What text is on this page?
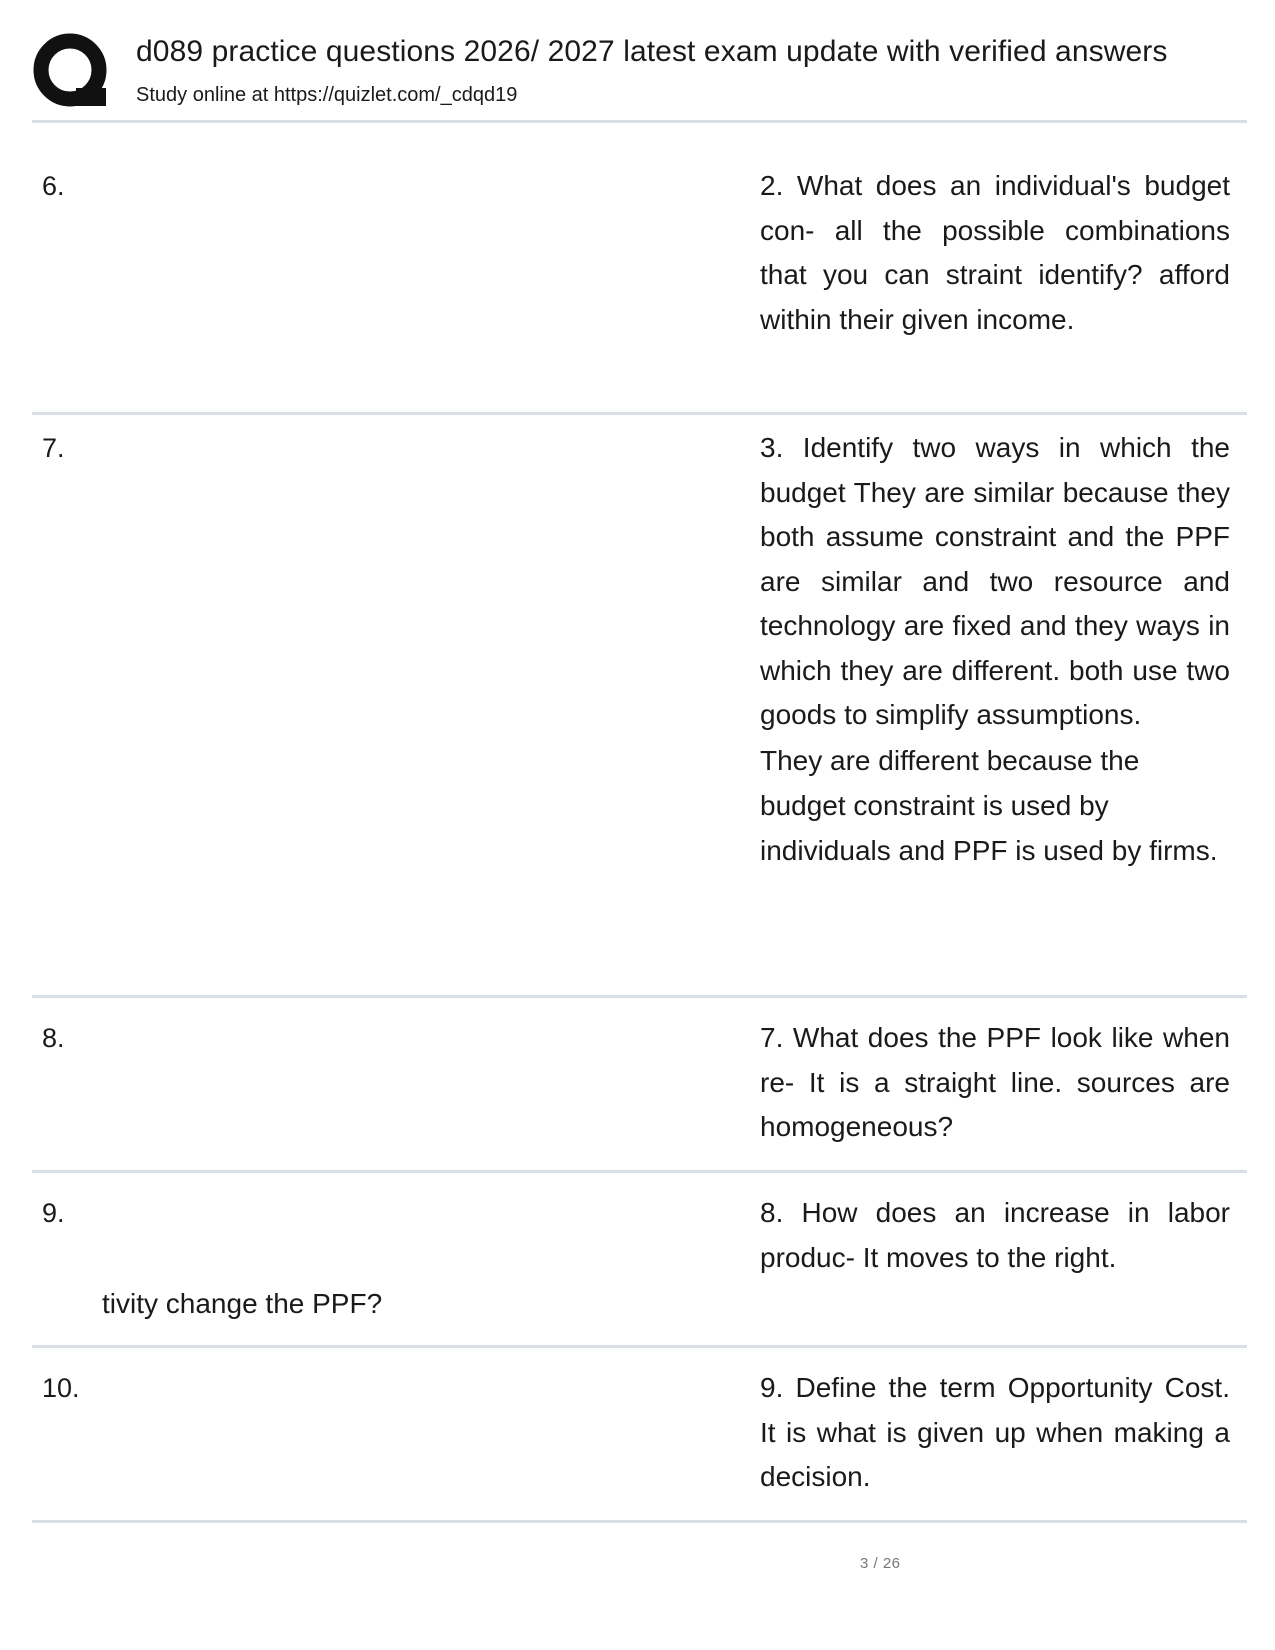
d089 practice questions 2026/ 2027 latest exam update with verified answers
Study online at https://quizlet.com/_cdqd19
6.	2. What does an individual's budget con- all the possible combinations that you can straint identify? afford within their given income.
7.	3. Identify two ways in which the budget They are similar because they both assume constraint and the PPF are similar and two resource and technology are fixed and they ways in which they are different. both use two goods to simplify assumptions.
They are different because the budget constraint is used by individuals and PPF is used by firms.
8.	7. What does the PPF look like when re- It is a straight line. sources are homogeneous?
9.	8. How does an increase in labor produc- It moves to the right.
tivity change the PPF?
10.	9. Define the term Opportunity Cost. It is what is given up when making a decision.
3 / 26
